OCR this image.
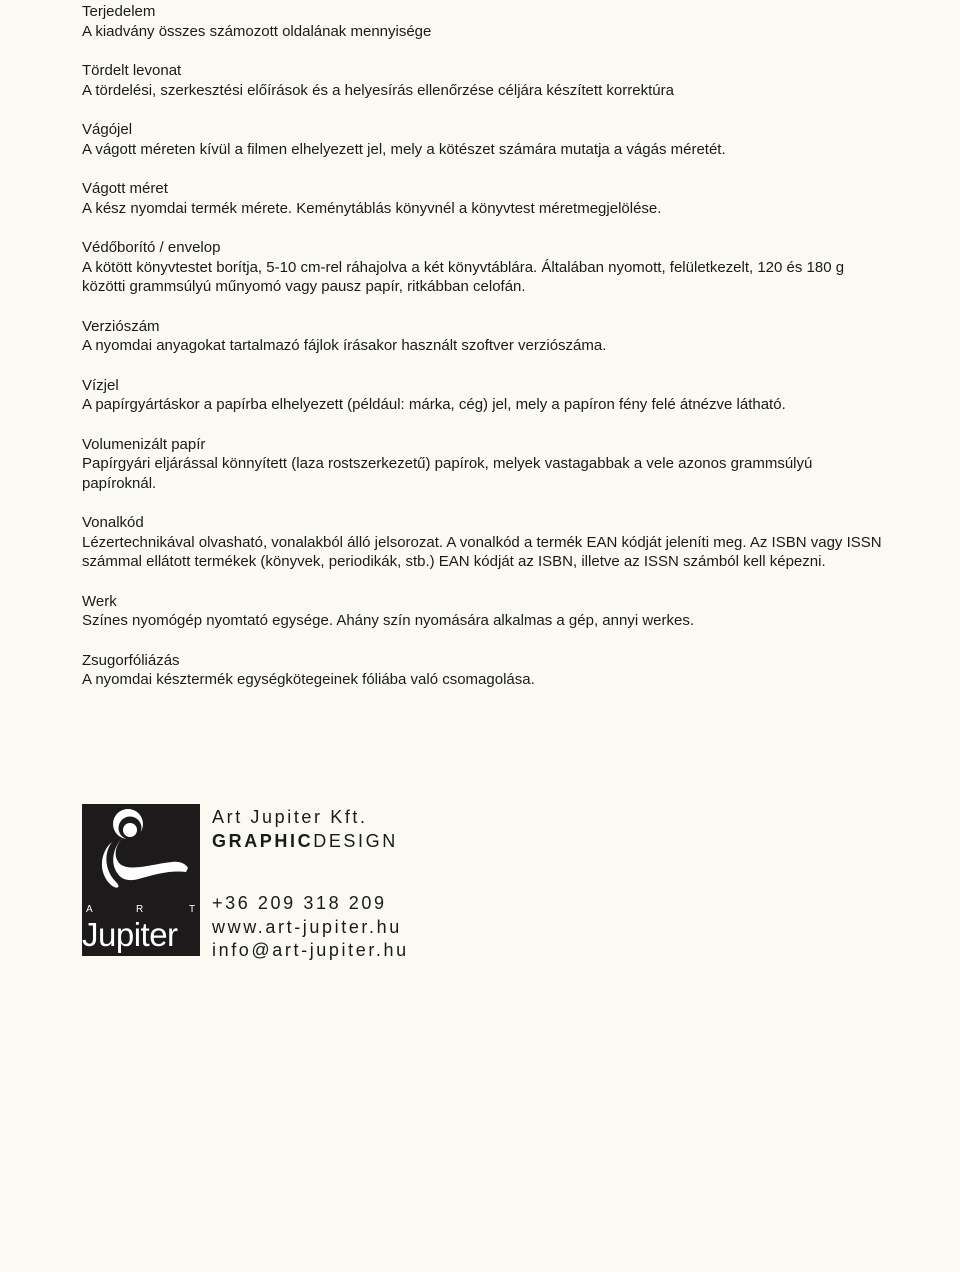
Terjedelem

A kiadvány összes számozott oldalának mennyisége

Tördelt levonat

A tördelési, szerkesztési előírások és a helyesírás ellenőrzése céljára készített korrektúra

Vágójel

A vágott méreten kívül a filmen elhelyezett jel, mely a kötészet számára mutatja a vágás méretét.

Vágott méret

A kész nyomdai termék mérete. Keménytáblás könyvnél a könyvtest méretmegjelölése.

Védőborító / envelop

A kötött könyvtestet borítja, 5-10 cm-rel ráhajolva a két könyvtáblára. Általában nyomott, felületkezelt, 120 és 180 g közötti grammsúlyú műnyomó vagy pausz papír, ritkábban celofán.

Verziószám

A nyomdai anyagokat tartalmazó fájlok írásakor használt szoftver verziószáma.

Vízjel

A papírgyártáskor a papírba elhelyezett (például: márka, cég) jel, mely a papíron fény felé átnézve látható.

Volumenizált papír

Papírgyári eljárással könnyített (laza rostszerkezetű) papírok, melyek vastagabbak a vele azonos grammsúlyú papíroknál.

Vonalkód

Lézertechnikával olvasható, vonalakból álló jelsorozat. A vonalkód a termék EAN kódját jeleníti meg. Az ISBN vagy ISSN számmal ellátott termékek (könyvek, periodikák, stb.) EAN kódját az ISBN, illetve az ISSN számból kell képezni.

Werk

Színes nyomógép nyomtató egysége. Ahány szín nyomására alkalmas a gép, annyi werkes.

Zsugorfóliázás

A nyomdai késztermék egységkötegeinek fóliába való csomagolása.

A	R	T
Jupiter
Art Jupiter Kft.
GRAPHICDESIGN
+36 209 318 209
www.art-jupiter.hu
info@art-jupiter.hu
